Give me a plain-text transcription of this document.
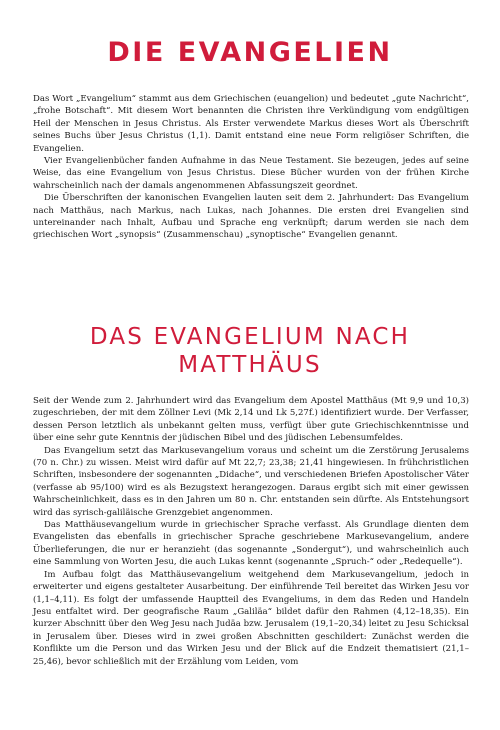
DIE EVANGELIEN

Das Wort „Evangelium“ stammt aus dem Griechischen (euangelion) und bedeutet „gute Nachricht“, „frohe Botschaft“. Mit diesem Wort benannten die Christen ihre Verkündigung vom endgültigen Heil der Menschen in Jesus Christus. Als Erster verwendete Markus dieses Wort als Überschrift seines Buchs über Jesus Christus (1,1). Damit entstand eine neue Form religiöser Schriften, die Evangelien.

Vier Evangelienbücher fanden Aufnahme in das Neue Testament. Sie bezeugen, jedes auf seine Weise, das eine Evangelium von Jesus Christus. Diese Bücher wurden von der frühen Kirche wahrscheinlich nach der damals angenommenen Abfassungszeit geordnet.

Die Überschriften der kanonischen Evangelien lauten seit dem 2. Jahrhundert: Das Evangelium nach Matthäus, nach Markus, nach Lukas, nach Johannes. Die ersten drei Evangelien sind untereinander nach Inhalt, Aufbau und Sprache eng verknüpft; darum werden sie nach dem griechischen Wort „synopsis“ (Zusammenschau) „synoptische“ Evangelien genannt.

DAS EVANGELIUM NACH
MATTHÄUS

Seit der Wende zum 2. Jahrhundert wird das Evangelium dem Apostel Matthäus (Mt 9,9 und 10,3) zugeschrieben, der mit dem Zöllner Levi (Mk 2,14 und Lk 5,27f.) identifiziert wurde. Der Verfasser, dessen Person letztlich als unbekannt gelten muss, verfügt über gute Griechischkenntnisse und über eine sehr gute Kenntnis der jüdischen Bibel und des jüdischen Lebensumfeldes.

Das Evangelium setzt das Markusevangelium voraus und scheint um die Zerstörung Jerusalems (70 n. Chr.) zu wissen. Meist wird dafür auf Mt 22,7; 23,38; 21,41 hingewiesen. In frühchristlichen Schriften, insbesondere der sogenannten „Didache“, und verschiedenen Briefen Apostolischer Väter (verfasse ab 95/100) wird es als Bezugstext herangezogen. Daraus ergibt sich mit einer gewissen Wahrscheinlichkeit, dass es in den Jahren um 80 n. Chr. entstanden sein dürfte. Als Entstehungsort wird das syrisch-galiläische Grenzgebiet angenommen.

Das Matthäusevangelium wurde in griechischer Sprache verfasst. Als Grundlage dienten dem Evangelisten das ebenfalls in griechischer Sprache geschriebene Markusevangelium, andere Überlieferungen, die nur er heranzieht (das sogenannte „Sondergut“), und wahrscheinlich auch eine Sammlung von Worten Jesu, die auch Lukas kennt (sogenannte „Spruch-“ oder „Redequelle“).

Im Aufbau folgt das Matthäusevangelium weitgehend dem Markusevangelium, jedoch in erweiterter und eigens gestalteter Ausarbeitung. Der einführende Teil bereitet das Wirken Jesu vor (1,1–4,11). Es folgt der umfassende Hauptteil des Evangeliums, in dem das Reden und Handeln Jesu entfaltet wird. Der geografische Raum „Galiläa“ bildet dafür den Rahmen (4,12–18,35). Ein kurzer Abschnitt über den Weg Jesu nach Judäa bzw. Jerusalem (19,1–20,34) leitet zu Jesu Schicksal in Jerusalem über. Dieses wird in zwei großen Abschnitten geschildert: Zunächst werden die Konflikte um die Person und das Wirken Jesu und der Blick auf die Endzeit thematisiert (21,1–25,46), bevor schließlich mit der Erzählung vom Leiden, vom
